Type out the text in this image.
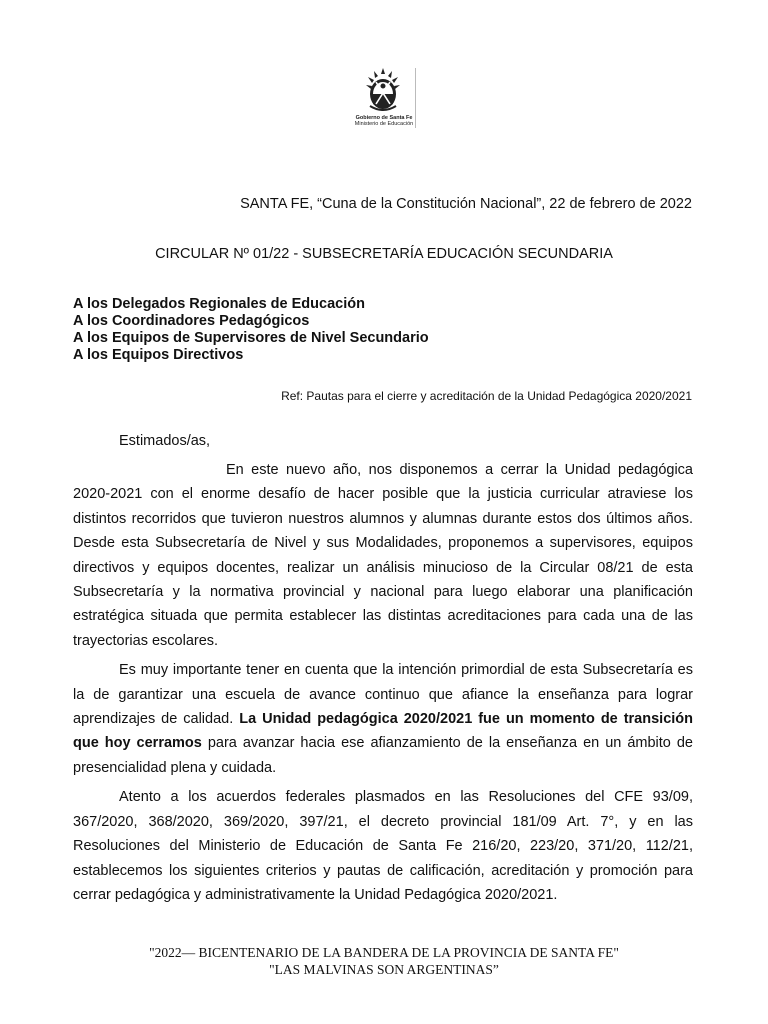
Gobierno de Santa Fe
Ministerio de Educación
SANTA FE, “Cuna de la Constitución Nacional”, 22 de febrero de 2022
CIRCULAR Nº 01/22 - SUBSECRETARÍA EDUCACIÓN SECUNDARIA
A los Delegados Regionales de Educación
A los Coordinadores Pedagógicos
A los Equipos de Supervisores de Nivel Secundario
A los Equipos Directivos
Ref: Pautas para el cierre y acreditación de la Unidad Pedagógica 2020/2021
Estimados/as,

En este nuevo año, nos disponemos a cerrar la Unidad pedagógica 2020-2021 con el enorme desafío de hacer posible que la justicia curricular atraviese los distintos recorridos que tuvieron nuestros alumnos y alumnas durante estos dos últimos años. Desde esta Subsecretaría de Nivel y sus Modalidades, proponemos a supervisores, equipos directivos y equipos docentes, realizar un análisis minucioso de la Circular 08/21 de esta Subsecretaría y la normativa provincial y nacional para luego elaborar una planificación estratégica situada que permita establecer las distintas acreditaciones para cada una de las trayectorias escolares.

Es muy importante tener en cuenta que la intención primordial de esta Subsecretaría es la de garantizar una escuela de avance continuo que afiance la enseñanza para lograr aprendizajes de calidad. La Unidad pedagógica 2020/2021 fue un momento de transición que hoy cerramos para avanzar hacia ese afianzamiento de la enseñanza en un ámbito de presencialidad plena y cuidada.

Atento a los acuerdos federales plasmados en las Resoluciones del CFE 93/09, 367/2020, 368/2020, 369/2020, 397/21, el decreto provincial 181/09 Art. 7°, y en las Resoluciones del Ministerio de Educación de Santa Fe 216/20, 223/20, 371/20, 112/21, establecemos los siguientes criterios y pautas de calificación, acreditación y promoción para cerrar pedagógica y administrativamente la Unidad Pedagógica 2020/2021.

"2022— BICENTENARIO DE LA BANDERA DE LA PROVINCIA DE SANTA FE"
"LAS MALVINAS SON ARGENTINAS”
